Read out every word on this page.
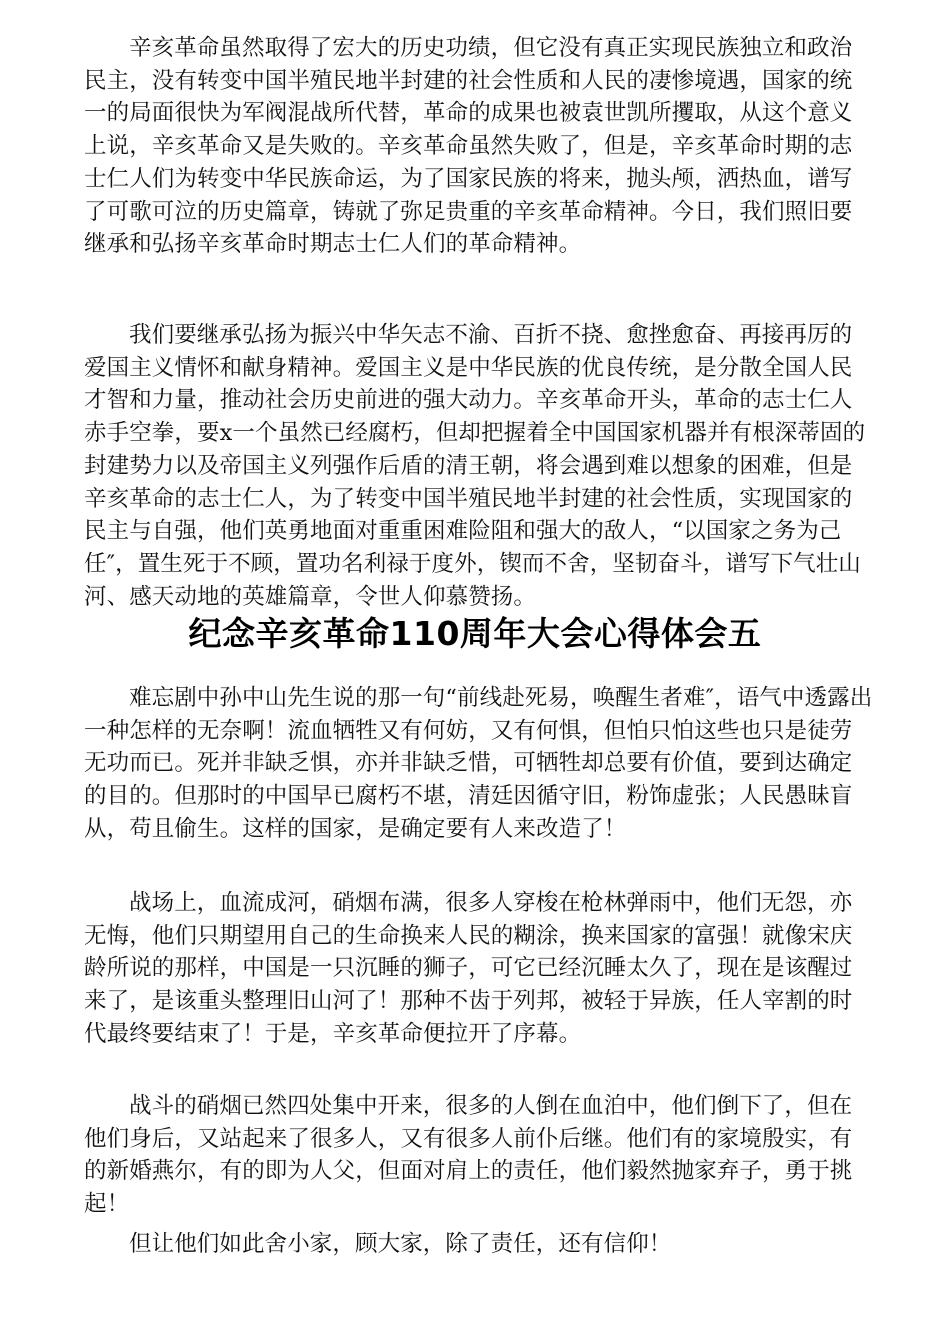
辛亥革命虽然取得了宏大的历史功绩，但它没有真正实现民族独立和政治民主，没有转变中国半殖民地半封建的社会性质和人民的凄惨境遇，国家的统一的局面很快为军阀混战所代替，革命的成果也被袁世凯所攫取，从这个意义上说，辛亥革命又是失败的。辛亥革命虽然失败了，但是，辛亥革命时期的志士仁人们为转变中华民族命运，为了国家民族的将来，抛头颅，洒热血，谱写了可歌可泣的历史篇章，铸就了弥足贵重的辛亥革命精神。今日，我们照旧要继承和弘扬辛亥革命时期志士仁人们的革命精神。

我们要继承弘扬为振兴中华矢志不渝、百折不挠、愈挫愈奋、再接再厉的爱国主义情怀和献身精神。爱国主义是中华民族的优良传统，是分散全国人民才智和力量，推动社会历史前进的强大动力。辛亥革命开头，革命的志士仁人赤手空拳，要x一个虽然已经腐朽，但却把握着全中国国家机器并有根深蒂固的封建势力以及帝国主义列强作后盾的清王朝，将会遇到难以想象的困难，但是辛亥革命的志士仁人，为了转变中国半殖民地半封建的社会性质，实现国家的民主与自强，他们英勇地面对重重困难险阻和强大的敌人，“以国家之务为己任″，置生死于不顾，置功名利禄于度外，锲而不舍，坚韧奋斗，谱写下气壮山河、感天动地的英雄篇章，令世人仰慕赞扬。

纪念辛亥革命110周年大会心得体会五

难忘剧中孙中山先生说的那一句“前线赴死易，唤醒生者难″，语气中透露出一种怎样的无奈啊！流血牺牲又有何妨，又有何惧，但怕只怕这些也只是徒劳无功而已。死并非缺乏惧，亦并非缺乏惜，可牺牲却总要有价值，要到达确定的目的。但那时的中国早已腐朽不堪，清廷因循守旧，粉饰虚张；人民愚昧盲从，苟且偷生。这样的国家，是确定要有人来改造了！

战场上，血流成河，硝烟布满，很多人穿梭在枪林弹雨中，他们无怨，亦无悔，他们只期望用自己的生命换来人民的糊涂，换来国家的富强！就像宋庆龄所说的那样，中国是一只沉睡的狮子，可它已经沉睡太久了，现在是该醒过来了，是该重头整理旧山河了！那种不齿于列邦，被轻于异族，任人宰割的时代最终要结束了！于是，辛亥革命便拉开了序幕。

战斗的硝烟已然四处集中开来，很多的人倒在血泊中，他们倒下了，但在他们身后，又站起来了很多人，又有很多人前仆后继。他们有的家境殷实，有的新婚燕尔，有的即为人父，但面对肩上的责任，他们毅然抛家弃子，勇于挑起！

但让他们如此舍小家，顾大家，除了责任，还有信仰！
